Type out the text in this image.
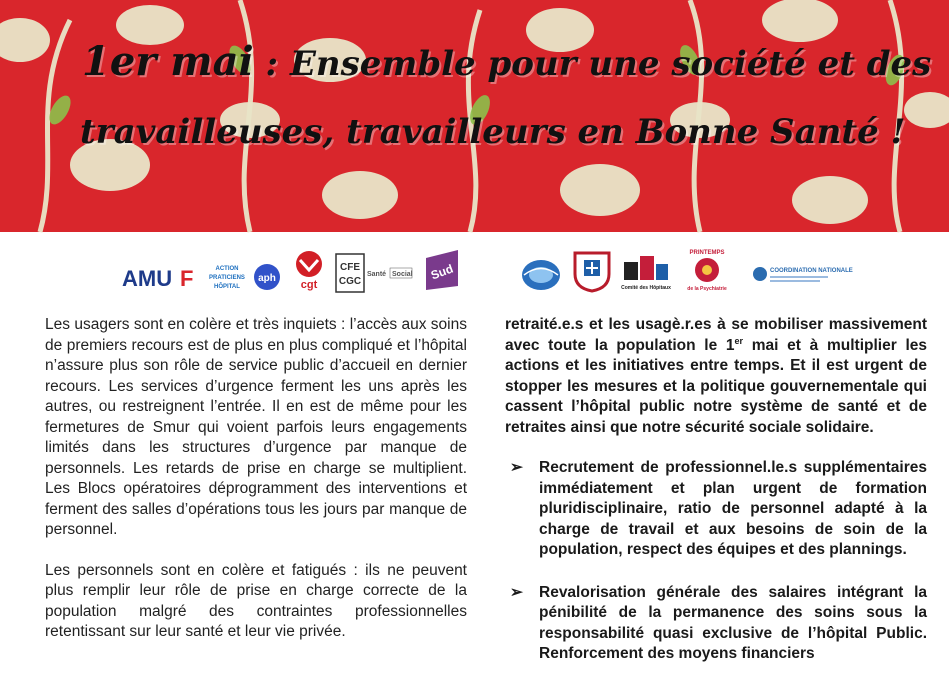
1er mai : Ensemble pour une société et des
travailleuses, travailleurs en Bonne Santé !
AMU F	ACTION
PRATICIENS
HÔPITAL
aph
cgt
CFE
CGC
Santé Social Sud
Comité des Hôpitaux
PRINTEMPS
de la Psychiatrie
COORDINATION NATIONALE

Les usagers sont en colère et très inquiets : l’accès aux soins de premiers recours est de plus en plus compliqué et l’hôpital n’assure plus son rôle de service public d’accueil en dernier recours. Les services d’urgence ferment les uns après les autres, ou restreignent l’entrée. Il en est de même pour les fermetures de Smur qui voient parfois leurs engagements limités dans les structures d’urgence par manque de personnels. Les retards de prise en charge se multiplient. Les Blocs opératoires déprogramment des interventions et ferment des salles d’opérations tous les jours par manque de personnel.

Les personnels sont en colère et fatigués : ils ne peuvent plus remplir leur rôle de prise en charge correcte de la population malgré des contraintes professionnelles retentissant sur leur santé et leur vie privée.

retraité.e.s et les usagè.r.es à se mobiliser massivement avec toute la population le 1er mai et à multiplier les actions et les initiatives entre temps. Et il est urgent de stopper les mesures et la politique gouvernementale qui cassent l’hôpital public notre système de santé et de retraites ainsi que notre sécurité sociale solidaire.

➢ Recrutement de professionnel.le.s supplémentaires immédiatement et plan urgent de formation pluridisciplinaire, ratio de personnel adapté à la charge de travail et aux besoins de soin de la population, respect des équipes et des plannings.
➢ Revalorisation générale des salaires intégrant la pénibilité de la permanence des soins sous la responsabilité quasi exclusive de l’hôpital Public. Renforcement des moyens financiers
